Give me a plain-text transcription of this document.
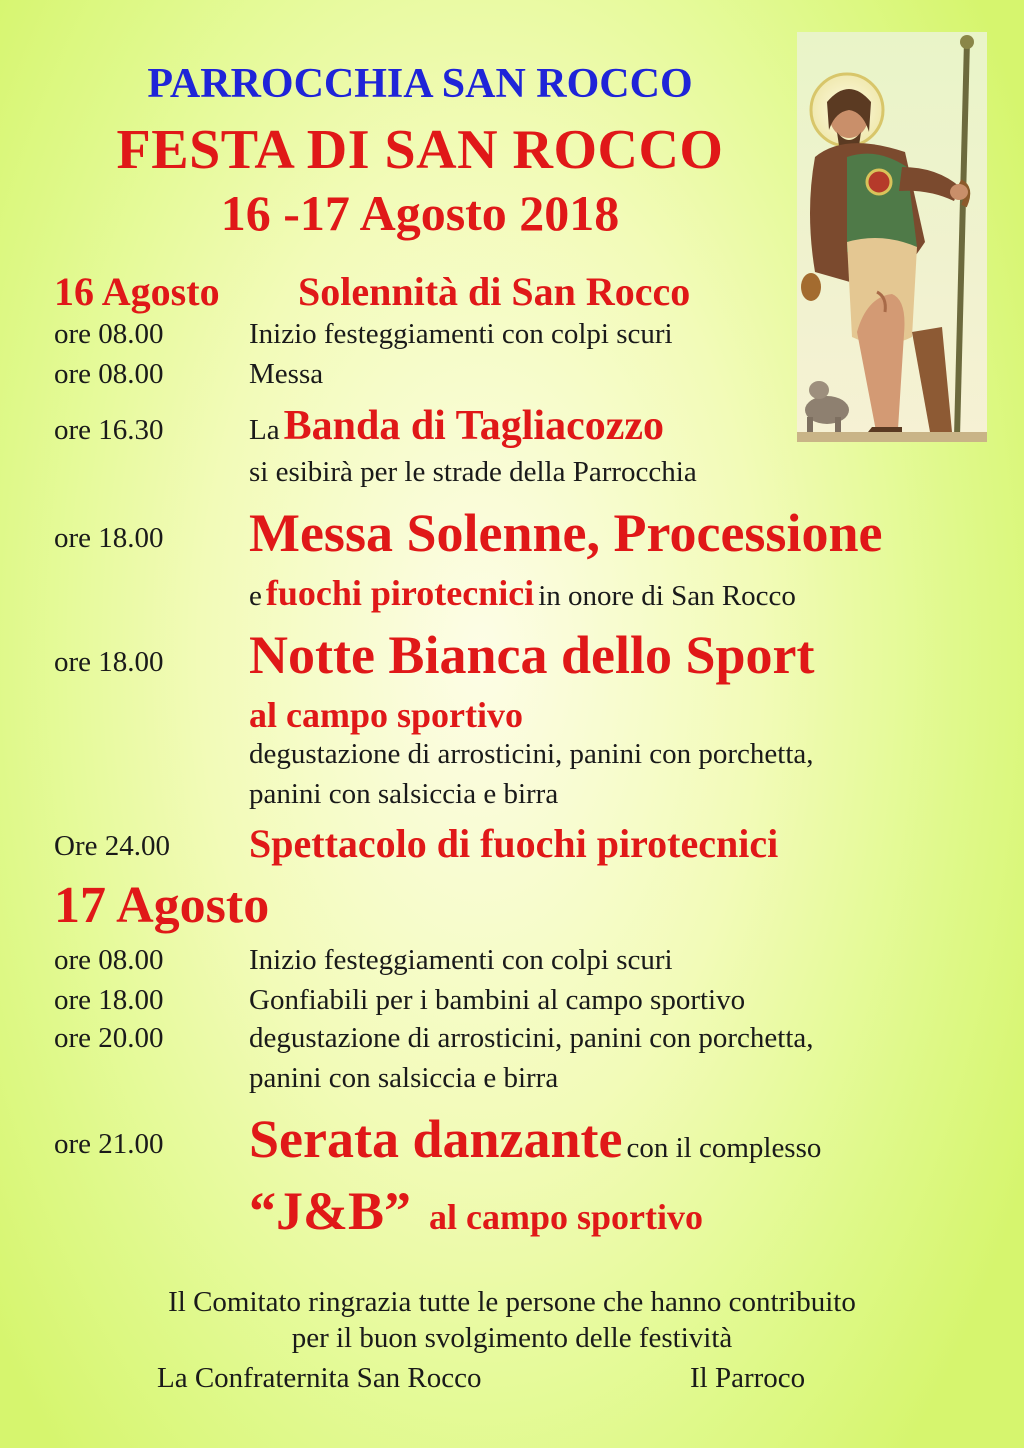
PARROCCHIA SAN ROCCO
FESTA DI SAN ROCCO
16 -17 Agosto 2018
16 Agosto Solennità di San Rocco
ore 08.00	Inizio festeggiamenti con colpi scuri
ore 08.00	Messa
ore 16.30	La Banda di Tagliacozzo
si esibirà per le strade della Parrocchia
ore 18.00 Messa Solenne, Processione
e fuochi pirotecnici in onore di San Rocco
ore 18.00 Notte Bianca dello Sport
al campo sportivo
degustazione di arrosticini, panini con porchetta,
panini con salsiccia e birra
Ore 24.00 Spettacolo di fuochi pirotecnici
17 Agosto
ore 08.00	Inizio festeggiamenti con colpi scuri
ore 18.00	Gonfiabili per i bambini al campo sportivo
ore 20.00	degustazione di arrosticini, panini con porchetta,
panini con salsiccia e birra
ore 21.00 Serata danzante con il complesso
“J&B” al campo sportivo
Il Comitato ringrazia tutte le persone che hanno contribuito
per il buon svolgimento delle festività
La Confraternita San Rocco	Il Parroco
